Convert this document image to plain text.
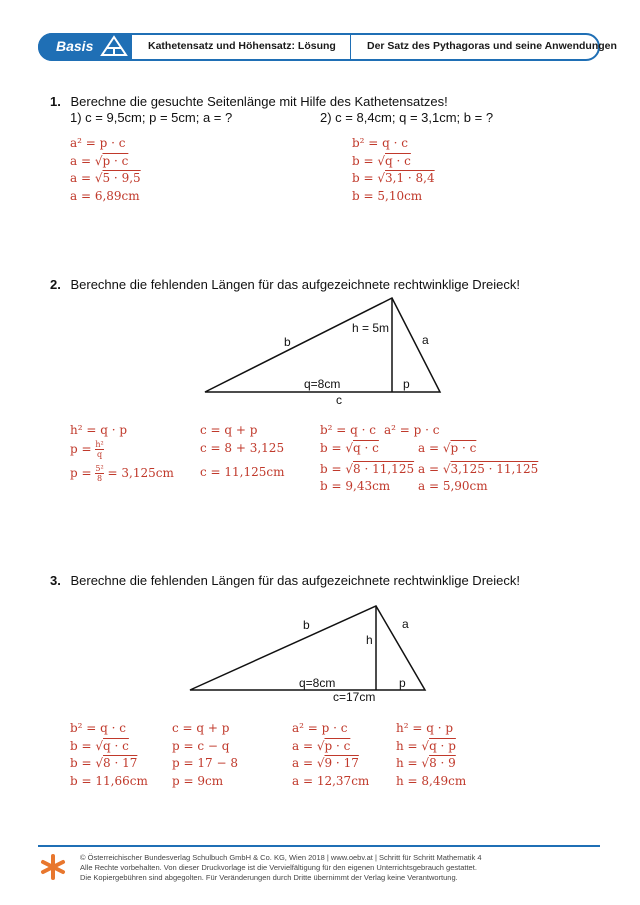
Basis	Kathetensatz und Höhensatz: Lösung	Der Satz des Pythagoras und seine Anwendungen
1. Berechne die gesuchte Seitenlänge mit Hilfe des Kathetensatzes!
1) c = 9,5cm; p = 5cm; a = ?	2) c = 8,4cm; q = 3,1cm; b = ?
a² = p · c
a = √p · c
a = √5 · 9,5
a = 6,89cm
b² = q · c
b = √q · c
b = √3,1 · 8,4
b = 5,10cm
2. Berechne die fehlenden Längen für das aufgezeichnete rechtwinklige Dreieck!
b
h = 5m
a
q=8cm	p
c
h² = q · p
$p = \frac{\text{h²}}{q}$
$p = \frac{\text{5²}}{8} = 3,125cm$
c = q + p
c = 8 + 3,125
c = 11,125cm
b² = q · c
b = √q · c
b = √8 · 11,125
b = 9,43cm
a² = p · c
a = √p · c
a = √3,125 · 11,125
a = 5,90cm
3. Berechne die fehlenden Längen für das aufgezeichnete rechtwinklige Dreieck!
b
h
a
q=8cm	p
c=17cm
b² = q · c
b = √q · c
b = √8 · 17
b = 11,66cm
c = q + p
p = c − q
p = 17 − 8
p = 9cm
a² = p · c
a = √p · c
a = √9 · 17
a = 12,37cm
h² = q · p
h = √q · p
h = √8 · 9
h = 8,49cm
© Österreichischer Bundesverlag Schulbuch GmbH & Co. KG, Wien 2018 | www.oebv.at | Schritt für Schritt Mathematik 4
Alle Rechte vorbehalten. Von dieser Druckvorlage ist die Vervielfältigung für den eigenen Unterrichtsgebrauch gestattet.
Die Kopiergebühren sind abgegolten. Für Veränderungen durch Dritte übernimmt der Verlag keine Verantwortung.
